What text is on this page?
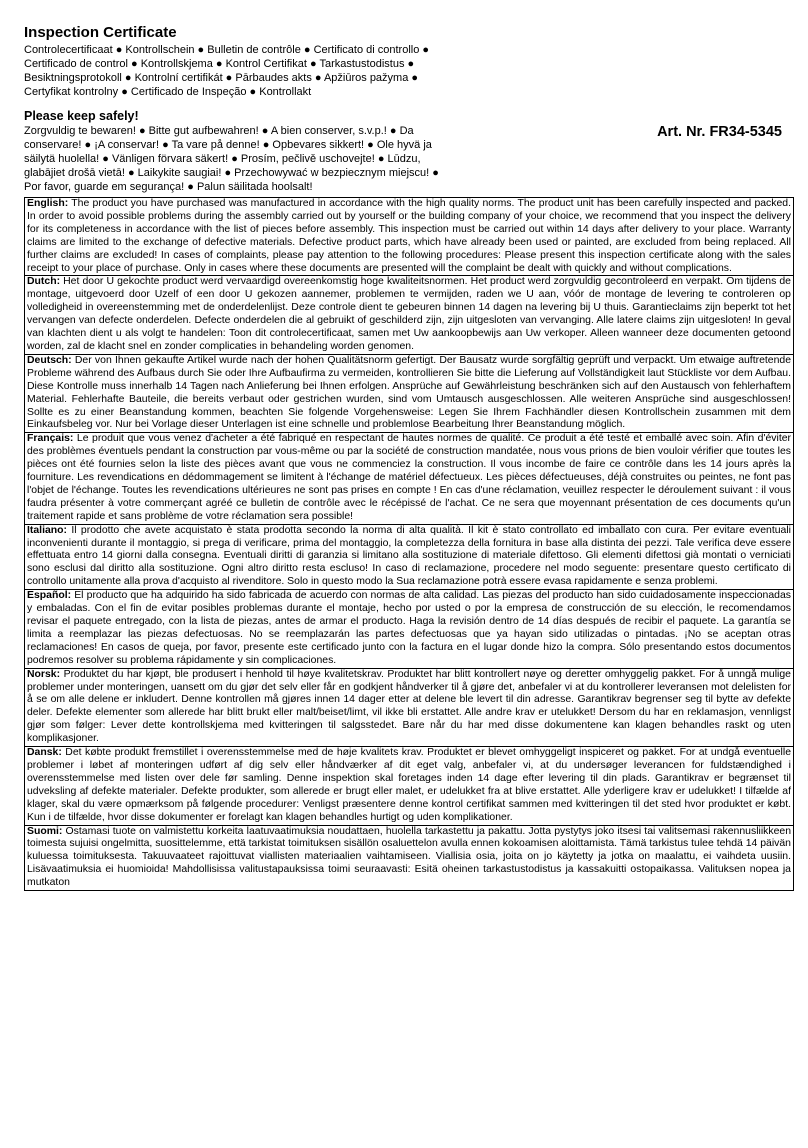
Inspection Certificate
Controlecertificaat ● Kontrollschein ● Bulletin de contrôle ● Certificato di controllo ● Certificado de control ● Kontrollskjema ● Kontrol Certifikat ● Tarkastustodistus ● Besiktningsprotokoll ● Kontrolní certifikát ● Pārbaudes akts ● Apžiūros pažyma ● Certyfikat kontrolny ● Certificado de Inspeção ● Kontrollakt
Art. Nr. FR34-5345
Please keep safely!
Zorgvuldig te bewaren! ● Bitte gut aufbewahren! ● A bien conserver, s.v.p.! ● Da conservare! ● ¡A conservar! ● Ta vare på denne! ● Opbevares sikkert! ● Ole hyvä ja säilytä huolella! ● Vänligen förvara säkert! ● Prosím, pečlivě uschovejte! ● Lūdzu, glabājiet drošā vietā! ● Laikykite saugiai! ● Przechowywać w bezpiecznym miejscu! ● Por favor, guarde em segurança! ● Palun säilitada hoolsalt!
English: The product you have purchased was manufactured in accordance with the high quality norms. The product unit has been carefully inspected and packed. In order to avoid possible problems during the assembly carried out by yourself or the building company of your choice, we recommend that you inspect the delivery for its completeness in accordance with the list of pieces before assembly. This inspection must be carried out within 14 days after delivery to your place. Warranty claims are limited to the exchange of defective materials. Defective product parts, which have already been used or painted, are excluded from being replaced. All further claims are excluded! In cases of complaints, please pay attention to the following procedures: Please present this inspection certificate along with the sales receipt to your place of purchase. Only in cases where these documents are presented will the complaint be dealt with quickly and without complications.
Dutch: Het door U gekochte product werd vervaardigd overeenkomstig hoge kwaliteitsnormen. Het product werd zorgvuldig gecontroleerd en verpakt. Om tijdens de montage, uitgevoerd door Uzelf of een door U gekozen aannemer, problemen te vermijden, raden we U aan, vóór de montage de levering te controleren op volledigheid in overeenstemming met de onderdelenlijst. Deze controle dient te gebeuren binnen 14 dagen na levering bij U thuis. Garantieclaims zijn beperkt tot het vervangen van defecte onderdelen. Defecte onderdelen die al gebruikt of geschilderd zijn, zijn uitgesloten van vervanging. Alle latere claims zijn uitgesloten! In geval van klachten dient u als volgt te handelen: Toon dit controlecertificaat, samen met Uw aankoopbewijs aan Uw verkoper. Alleen wanneer deze documenten getoond worden, zal de klacht snel en zonder complicaties in behandeling worden genomen.
Deutsch: Der von Ihnen gekaufte Artikel wurde nach der hohen Qualitätsnorm gefertigt. Der Bausatz wurde sorgfältig geprüft und verpackt. Um etwaige auftretende Probleme während des Aufbaus durch Sie oder Ihre Aufbaufirma zu vermeiden, kontrollieren Sie bitte die Lieferung auf Vollständigkeit laut Stückliste vor dem Aufbau. Diese Kontrolle muss innerhalb 14 Tagen nach Anlieferung bei Ihnen erfolgen. Ansprüche auf Gewährleistung beschränken sich auf den Austausch von fehlerhaftem Material. Fehlerhafte Bauteile, die bereits verbaut oder gestrichen wurden, sind vom Umtausch ausgeschlossen. Alle weiteren Ansprüche sind ausgeschlossen! Sollte es zu einer Beanstandung kommen, beachten Sie folgende Vorgehensweise: Legen Sie Ihrem Fachhändler diesen Kontrollschein zusammen mit dem Einkaufsbeleg vor. Nur bei Vorlage dieser Unterlagen ist eine schnelle und problemlose Bearbeitung Ihrer Beanstandung möglich.
Français: Le produit que vous venez d'acheter a été fabriqué en respectant de hautes normes de qualité. Ce produit a été testé et emballé avec soin. Afin d'éviter des problèmes éventuels pendant la construction par vous-même ou par la société de construction mandatée, nous vous prions de bien vouloir vérifier que toutes les pièces ont été fournies selon la liste des pièces avant que vous ne commenciez la construction. Il vous incombe de faire ce contrôle dans les 14 jours après la fourniture. Les revendications en dédommagement se limitent à l'échange de matériel défectueux. Les pièces défectueuses, déjà construites ou peintes, ne font pas l'objet de l'échange. Toutes les revendications ultérieures ne sont pas prises en compte ! En cas d'une réclamation, veuillez respecter le déroulement suivant : il vous faudra présenter à votre commerçant agréé ce bulletin de contrôle avec le récépissé de l'achat. Ce ne sera que moyennant présentation de ces documents qu'un traitement rapide et sans problème de votre réclamation sera possible!
Italiano: Il prodotto che avete acquistato è stata prodotta secondo la norma di alta qualità. Il kit è stato controllato ed imballato con cura. Per evitare eventuali inconvenienti durante il montaggio, si prega di verificare, prima del montaggio, la completezza della fornitura in base alla distinta dei pezzi. Tale verifica deve essere effettuata entro 14 giorni dalla consegna. Eventuali diritti di garanzia si limitano alla sostituzione di materiale difettoso. Gli elementi difettosi già montati o verniciati sono esclusi dal diritto alla sostituzione. Ogni altro diritto resta escluso! In caso di reclamazione, procedere nel modo seguente: presentare questo certificato di controllo unitamente alla prova d'acquisto al rivenditore. Solo in questo modo la Sua reclamazione potrà essere evasa rapidamente e senza problemi.
Español: El producto que ha adquirido ha sido fabricada de acuerdo con normas de alta calidad. Las piezas del producto han sido cuidadosamente inspeccionadas y embaladas. Con el fin de evitar posibles problemas durante el montaje, hecho por usted o por la empresa de construcción de su elección, le recomendamos revisar el paquete entregado, con la lista de piezas, antes de armar el producto. Haga la revisión dentro de 14 días después de recibir el paquete. La garantía se limita a reemplazar las piezas defectuosas. No se reemplazarán las partes defectuosas que ya hayan sido utilizadas o pintadas. ¡No se aceptan otras reclamaciones! En casos de queja, por favor, presente este certificado junto con la factura en el lugar donde hizo la compra. Sólo presentando estos documentos podremos resolver su problema rápidamente y sin complicaciones.
Norsk: Produktet du har kjøpt, ble produsert i henhold til høye kvalitetskrav. Produktet har blitt kontrollert nøye og deretter omhyggelig pakket. For å unngå mulige problemer under monteringen, uansett om du gjør det selv eller får en godkjent håndverker til å gjøre det, anbefaler vi at du kontrollerer leveransen mot delelisten for å se om alle delene er inkludert. Denne kontrollen må gjøres innen 14 dager etter at delene ble levert til din adresse. Garantikrav begrenser seg til bytte av defekte deler. Defekte elementer som allerede har blitt brukt eller malt/beiset/limt, vil ikke bli erstattet. Alle andre krav er utelukket! Dersom du har en reklamasjon, vennligst gjør som følger: Lever dette kontrollskjema med kvitteringen til salgsstedet. Bare når du har med disse dokumentene kan klagen behandles raskt og uten komplikasjoner.
Dansk: Det købte produkt fremstillet i overensstemmelse med de høje kvalitets krav. Produktet er blevet omhyggeligt inspiceret og pakket. For at undgå eventuelle problemer i løbet af monteringen udført af dig selv eller håndværker af dit eget valg, anbefaler vi, at du undersøger leverancen for fuldstændighed i overensstemmelse med listen over dele før samling. Denne inspektion skal foretages inden 14 dage efter levering til din plads. Garantikrav er begrænset til udveksling af defekte materialer. Defekte produkter, som allerede er brugt eller malet, er udelukket fra at blive erstattet. Alle yderligere krav er udelukket! I tilfælde af klager, skal du være opmærksom på følgende procedurer: Venligst præsentere denne kontrol certifikat sammen med kvitteringen til det sted hvor produktet er købt. Kun i de tilfælde, hvor disse dokumenter er forelagt kan klagen behandles hurtigt og uden komplikationer.
Suomi: Ostamasi tuote on valmistettu korkeita laatuvaatimuksia noudattaen, huolella tarkastettu ja pakattu. Jotta pystytys joko itsesi tai valitsemasi rakennusliikkeen toimesta sujuisi ongelmitta, suosittelemme, että tarkistat toimituksen sisällön osaluettelon avulla ennen kokoamisen aloittamista. Tämä tarkistus tulee tehdä 14 päivän kuluessa toimituksesta. Takuuvaateet rajoittuvat viallisten materiaalien vaihtamiseen. Viallisia osia, joita on jo käytetty ja jotka on maalattu, ei vaihdeta uusiin. Lisävaatimuksia ei huomioida! Mahdollisissa valitustapauksissa toimi seuraavasti: Esitä oheinen tarkastustodistus ja kassakuitti ostopaikassa. Valituksen nopea ja mutkaton
